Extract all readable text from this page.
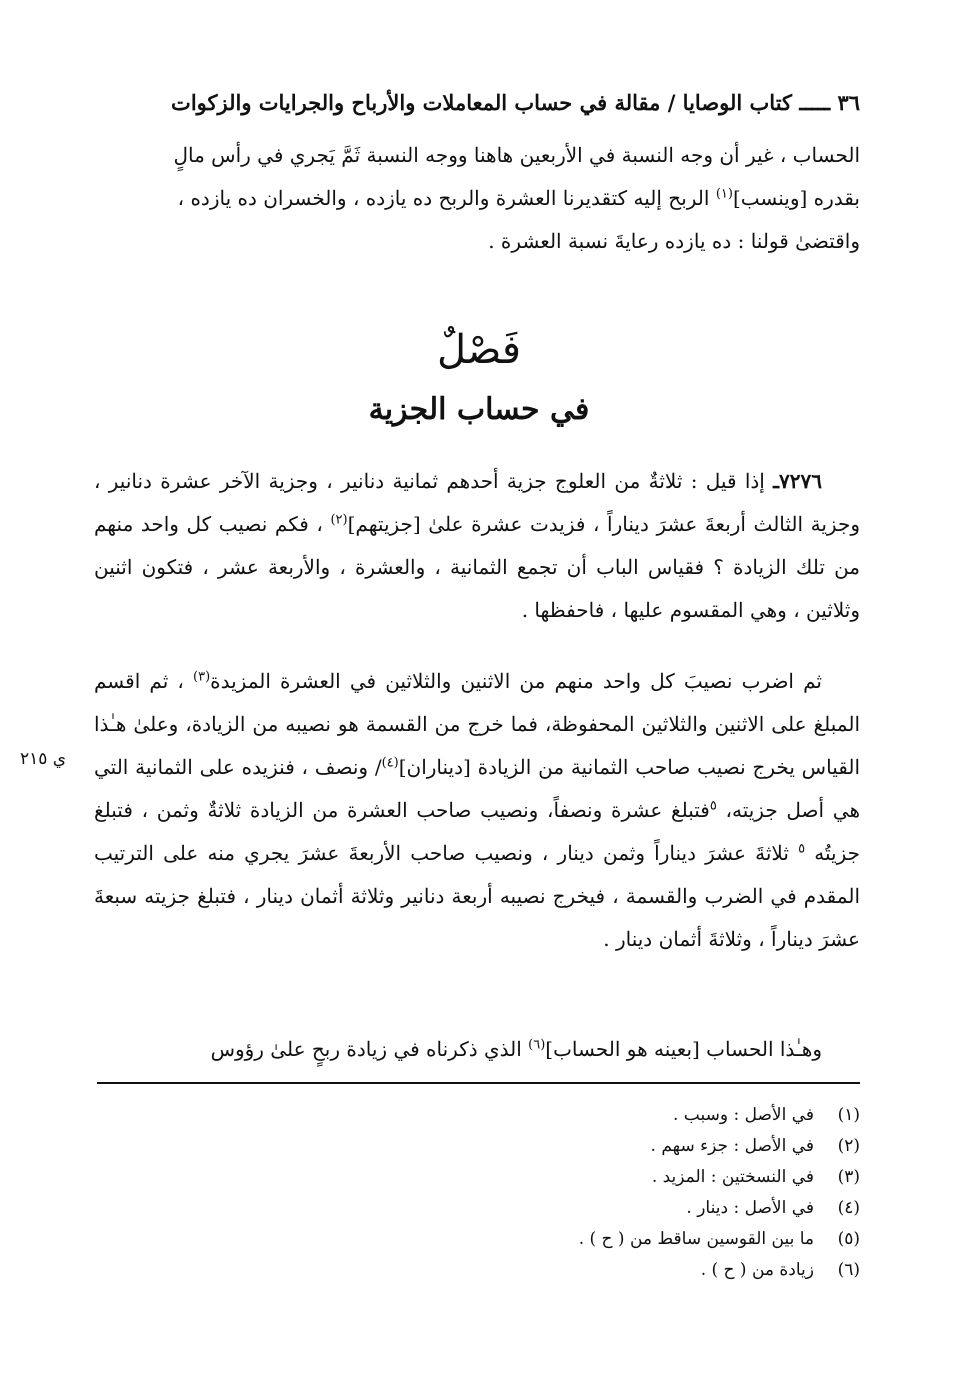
٣٦ ـــــ كتاب الوصايا / مقالة في حساب المعاملات والأرباح والجرايات والزكوات

الحساب ، غير أن وجه النسبة في الأربعين هاهنا ووجه النسبة ثَمَّ يَجري في رأس مالٍ

بقدره [وينسب]$^{(١)}$ الربح إليه كتقديرنا العشرة والربح ده يازده ، والخسران ده يازده ،

واقتضىٰ قولنا : ده يازده رعايةَ نسبة العشرة .

فَصْلٌ
في حساب الجزية

٧٢٧٦ـ إذا قيل : ثلاثةٌ من العلوج جزية أحدهم ثمانية دنانير ، وجزية الآخر عشرة دنانير ، وجزية الثالث أربعةَ عشرَ ديناراً ، فزيدت عشرة علىٰ [جزيتهم]$^{(٢)}$ ، فكم نصيب كل واحد منهم من تلك الزيادة ؟ فقياس الباب أن تجمع الثمانية ، والعشرة ، والأربعة عشر ، فتكون اثنين وثلاثين ، وهي المقسوم عليها ، فاحفظها .

ثم اضرب نصيبَ كل واحد منهم من الاثنين والثلاثين في العشرة المزيدة$^{(٣)}$ ، ثم اقسم المبلغ على الاثنين والثلاثين المحفوظة، فما خرج من القسمة هو نصيبه من الزيادة، وعلىٰ هـٰذا القياس يخرج نصيب صاحب الثمانية من الزيادة [ديناران]$^{(٤)}$/ ونصف ، فنزيده على الثمانية التي هي أصل جزيته، $^٥$فتبلغ عشرة ونصفاً، ونصيب صاحب العشرة من الزيادة ثلاثةٌ وثمن ، فتبلغ جزيتُه $^٥$ ثلاثةَ عشرَ ديناراً وثمن دينار ، ونصيب صاحب الأربعةَ عشرَ يجري منه على الترتيب المقدم في الضرب والقسمة ، فيخرج نصيبه أربعة دنانير وثلاثة أثمان دينار ، فتبلغ جزيته سبعةَ عشرَ ديناراً ، وثلاثةَ أثمان دينار .

وهـٰذا الحساب [بعينه هو الحساب]$^{(٦)}$ الذي ذكرناه في زيادة ربحٍ علىٰ رؤوس

ي ٢١٥
(١)
في الأصل : وسبب .
(٢)
في الأصل : جزء سهم .
(٣)
في النسختين : المزيد .
(٤)
في الأصل : دينار .
(٥)
ما بين القوسين ساقط من ( ح ) .
(٦)
زيادة من ( ح ) .
